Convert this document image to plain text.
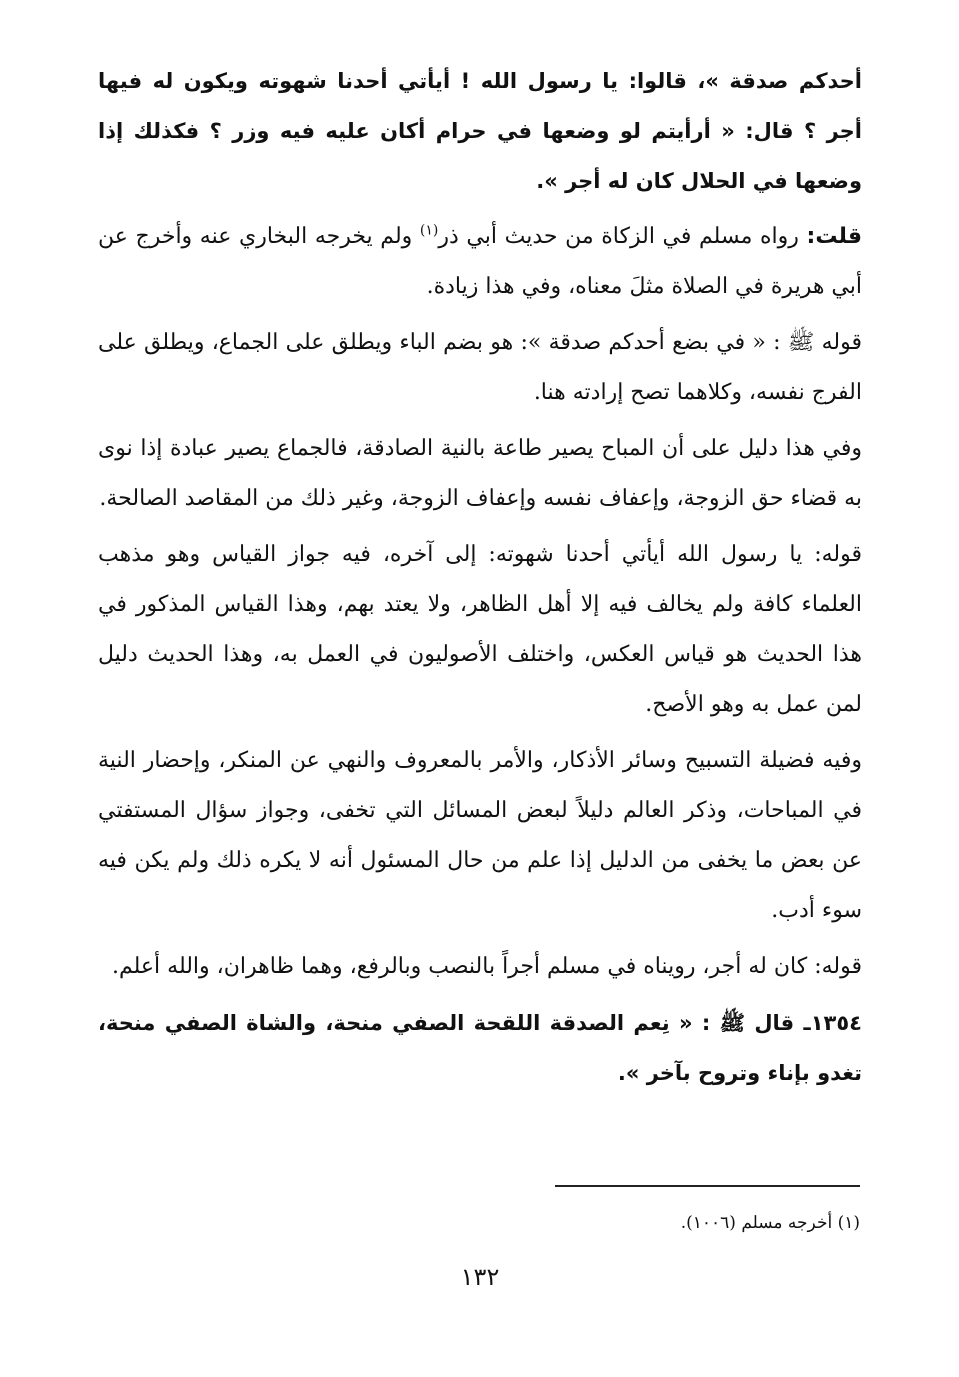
أحدكم صدقة »، قالوا: يا رسول الله ! أيأتي أحدنا شهوته ويكون له فيها أجر ؟ قال: « أرأيتم لو وضعها في حرام أكان عليه فيه وزر ؟ فكذلك إذا وضعها في الحلال كان له أجر ».

قلت: رواه مسلم في الزكاة من حديث أبي ذر$^{(١)}$ ولم يخرجه البخاري عنه وأخرج عن أبي هريرة في الصلاة مثلَ معناه، وفي هذا زيادة.

قوله ﷺ : « في بضع أحدكم صدقة »: هو بضم الباء ويطلق على الجماع، ويطلق على الفرج نفسه، وكلاهما تصح إرادته هنا.

وفي هذا دليل على أن المباح يصير طاعة بالنية الصادقة، فالجماع يصير عبادة إذا نوى به قضاء حق الزوجة، وإعفاف نفسه وإعفاف الزوجة، وغير ذلك من المقاصد الصالحة.

قوله: يا رسول الله أيأتي أحدنا شهوته: إلى آخره، فيه جواز القياس وهو مذهب العلماء كافة ولم يخالف فيه إلا أهل الظاهر، ولا يعتد بهم، وهذا القياس المذكور في هذا الحديث هو قياس العكس، واختلف الأصوليون في العمل به، وهذا الحديث دليل لمن عمل به وهو الأصح.

وفيه فضيلة التسبيح وسائر الأذكار، والأمر بالمعروف والنهي عن المنكر، وإحضار النية في المباحات، وذكر العالم دليلاً لبعض المسائل التي تخفى، وجواز سؤال المستفتي عن بعض ما يخفى من الدليل إذا علم من حال المسئول أنه لا يكره ذلك ولم يكن فيه سوء أدب.

قوله: كان له أجر، رويناه في مسلم أجراً بالنصب وبالرفع، وهما ظاهران، والله أعلم.

١٣٥٤ـ قال ﷺ : « نِعم الصدقة اللقحة الصفي منحة، والشاة الصفي منحة، تغدو بإناء وتروح بآخر ».

(١) أخرجه مسلم (١٠٠٦).
١٣٢
